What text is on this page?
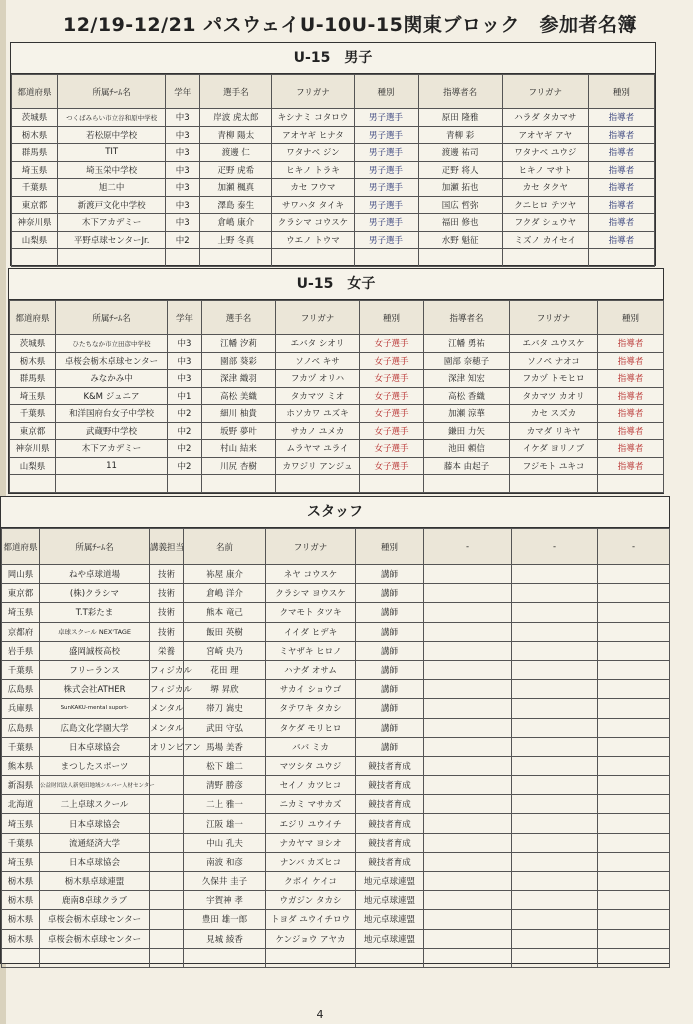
12/19-12/21 パスウェイU-10U-15関東ブロック　参加者名簿
U-15　男子
都道府県	所属ﾁｰﾑ名	学年	選手名	フリガナ	種別	指導者名	フリガナ	種別
茨城県	つくばみらい市立谷和原中学校	中3	岸波 虎太郎	キシナミ コタロウ	男子選手	原田 隆雅	ハラダ タカマサ	指導者
栃木県	若松原中学校	中3	青柳 陽太	アオヤギ ヒナタ	男子選手	青柳 彩	アオヤギ アヤ	指導者
群馬県	TIT	中3	渡邊 仁	ワタナベ ジン	男子選手	渡邊 祐司	ワタナベ ユウジ	指導者
埼玉県	埼玉栄中学校	中3	疋野 虎希	ヒキノ トラキ	男子選手	疋野 将人	ヒキノ マサト	指導者
千葉県	旭二中	中3	加瀬 楓真	カセ フウマ	男子選手	加瀬 拓也	カセ タクヤ	指導者
東京都	新渡戸文化中学校	中3	澤島 泰生	サワハタ タイキ	男子選手	国広 哲弥	クニヒロ テツヤ	指導者
神奈川県	木下アカデミー	中3	倉嶋 康介	クラシマ コウスケ	男子選手	福田 修也	フクダ シュウヤ	指導者
山梨県	平野卓球センターJr.	中2	上野 冬真	ウエノ トウマ	男子選手	水野 魁征	ミズノ カイセイ	指導者

U-15　女子
都道府県	所属ﾁｰﾑ名	学年	選手名	フリガナ	種別	指導者名	フリガナ	種別
茨城県	ひたちなか市立田彦中学校	中3	江幡 汐莉	エバタ シオリ	女子選手	江幡 勇祐	エバタ ユウスケ	指導者
栃木県	卓桜会栃木卓球センター	中3	園部 葵彩	ソノベ キサ	女子選手	園部 奈穂子	ソノベ ナオコ	指導者
群馬県	みなかみ中	中3	深津 織羽	フカヅ オリハ	女子選手	深津 知宏	フカヅ トモヒロ	指導者
埼玉県	K&M ジュニア	中1	高松 美織	タカマツ ミオ	女子選手	高松 香織	タカマツ カオリ	指導者
千葉県	和洋国府台女子中学校	中2	細川 柚貴	ホソカワ ユズキ	女子選手	加瀬 涼華	カセ スズカ	指導者
東京都	武蔵野中学校	中2	坂野 夢叶	サカノ ユメカ	女子選手	鎌田 力矢	カマダ リキヤ	指導者
神奈川県	木下アカデミー	中2	村山 結来	ムラヤマ ユライ	女子選手	池田 頼信	イケダ ヨリノブ	指導者
山梨県	11	中2	川尻 杏樹	カワジリ アンジュ	女子選手	藤本 由起子	フジモト ユキコ	指導者

スタッフ
都道府県	所属ﾁｰﾑ名	講義担当	名前	フリガナ	種別	-	-	-
岡山県	ねや卓球道場	技術	袮屋 康介	ネヤ コウスケ	講師			
東京都	(株)クラシマ	技術	倉嶋 洋介	クラシマ ヨウスケ	講師			
埼玉県	T.T彩たま	技術	熊本 竜己	クマモト タツキ	講師			
京都府	卓球スクール NEX'TAGE	技術	飯田 英樹	イイダ ヒデキ	講師			
岩手県	盛岡誠桜高校	栄養	宮崎 央乃	ミヤザキ ヒロノ	講師			
千葉県	フリーランス	フィジカル	花田 理	ハナダ オサム	講師			
広島県	株式会社ATHER	フィジカル	堺 昇欣	サカイ ショウゴ	講師			
兵庫県	SunKAKU-mental suport-	メンタル	帯刀 嵩史	タテワキ タカシ	講師			
広島県	広島文化学園大学	メンタル	武田 守弘	タケダ モリヒロ	講師			
千葉県	日本卓球協会	オリンピアン	馬場 美香	ババ ミカ	講師			
熊本県	まつしたスポーツ		松下 雄二	マツシタ ユウジ	競技者育成			
新潟県	公益財団法人新発田地域シルバー人材センター		清野 勝彦	セイノ カツヒコ	競技者育成			
北海道	二上卓球スクール		二上 雅一	ニカミ マサカズ	競技者育成			
埼玉県	日本卓球協会		江阪 雄一	エジリ ユウイチ	競技者育成			
千葉県	流通経済大学		中山 孔夫	ナカヤマ ヨシオ	競技者育成			
埼玉県	日本卓球協会		南波 和彦	ナンバ カズヒコ	競技者育成			
栃木県	栃木県卓球連盟		久保井 圭子	クボイ ケイコ	地元卓球連盟			
栃木県	鹿南8卓球クラブ		宇賀神 孝	ウガジン タカシ	地元卓球連盟			
栃木県	卓桜会栃木卓球センター		豊田 雄一郎	トヨダ ユウイチロウ	地元卓球連盟			
栃木県	卓桜会栃木卓球センター		見城 綾香	ケンジョウ アヤカ	地元卓球連盟			

4
